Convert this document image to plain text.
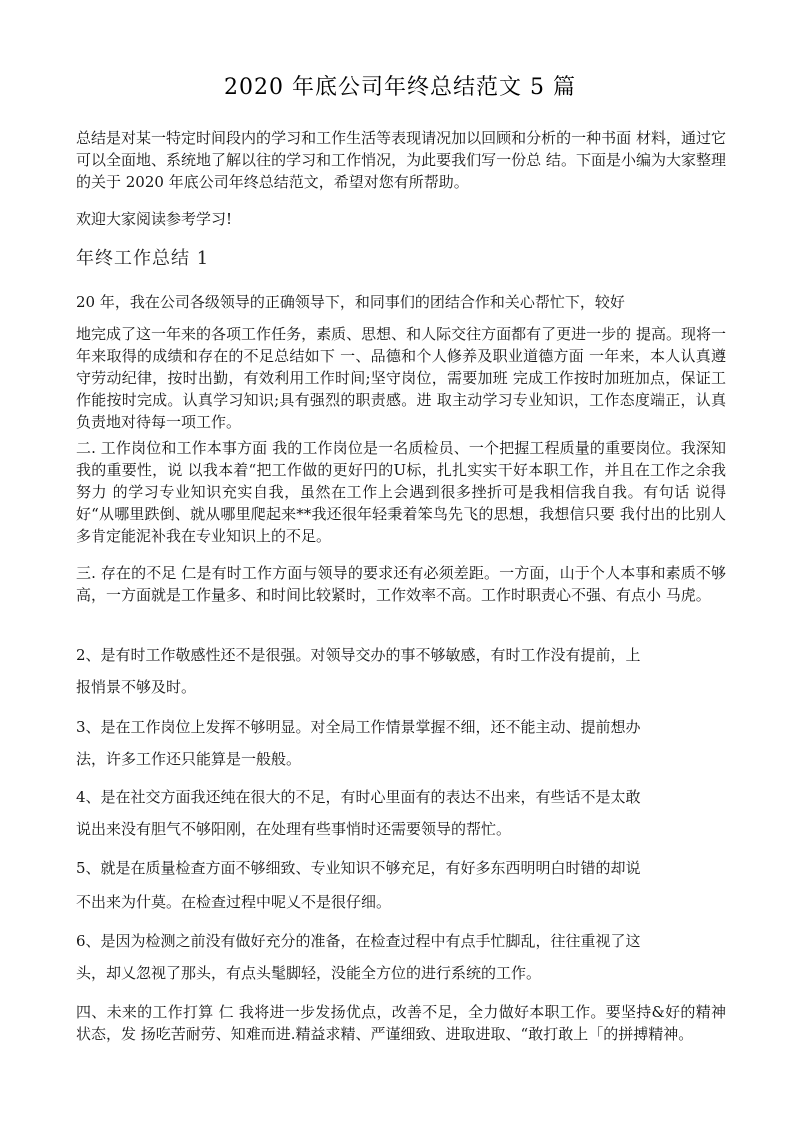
2020 年底公司年终总结范文 5 篇
总结是对某一特定时间段内的学习和工作生活等表现请况加以回顾和分析的一种书面 材料，通过它可以全面地、系统地了解以往的学习和工作悄况，为此要我们写一份总 结。下面是小编为大家整理的关于 2020 年底公司年终总结范文，希望对您有所帮助。
欢迎大家阅读参考学习!
年终工作总结 1
20 年，我在公司各级领导的正确领导下，和同事们的团结合作和关心帮忙下，较好
地完成了这一年来的各项工作任务，素质、思想、和人际交往方面都有了更进一步的 提高。现将一年来取得的成绩和存在的不足总结如下 一、品德和个人修养及职业道德方面 一年来，本人认真遵守劳动纪律，按时出勤，有效利用工作时间;坚守岗位，需要加班 完成工作按时加班加点，保证工作能按时完成。认真学习知识;具有强烈的职责感。进 取主动学习专业知识，工作态度端正，认真负责地对待每一项工作。
二. 工作岗位和工作本事方面 我的工作岗位是一名质检员、一个把握工程质量的重要岗位。我深知我的重要性，说 以我本着“把工作做的更好円的U标，扎扎实实干好本职工作，并且在工作之余我努力 的学习专业知识充实自我，虽然在工作上会遇到很多挫折可是我相信我自我。有句话 说得好“从哪里跌倒、就从哪里爬起来**我还很年轻秉着笨鸟先飞的思想，我想信只要 我付出的比别人多肯定能泥补我在专业知识上的不足。
三. 存在的不足 仁是有时工作方面与领导的要求还有必须差距。一方面，山于个人本事和素质不够高，一方面就是工作量多、和时间比较紧时，工作效率不高。工作时职责心不强、有点小 马虎。
2、是有时工作敬感性还不是很强。对领导交办的事不够敏感，有时工作没有提前，上
报悄景不够及时。
3、是在工作岗位上发挥不够明显。对全局工作情景掌握不细，还不能主动、提前想办
法，许多工作还只能算是一般般。
4、是在社交方面我还纯在很大的不足，有时心里面有的表达不出来，有些话不是太敢
说出来没有胆气不够阳刚，在处理有些事悄时还需要领导的帮忙。
5、就是在质量检查方面不够细致、专业知识不够充足，有好多东西明明白时错的却说
不出来为什莫。在检查过程中呢乂不是很仔细。
6、是因为检测之前没有做好充分的准备，在检查过程中有点手忙脚乱，往往重视了这
头，却乂忽视了那头，有点头髦脚轻，没能全方位的进行系统的工作。
四、未来的工作打算 仁 我将进一步发扬优点，改善不足，全力做好本职工作。要坚持&好的精神状态，发 扬吃苦耐劳、知难而进.精益求精、严谨细致、进取进取、“敢打敢上「的拼搏精神。
